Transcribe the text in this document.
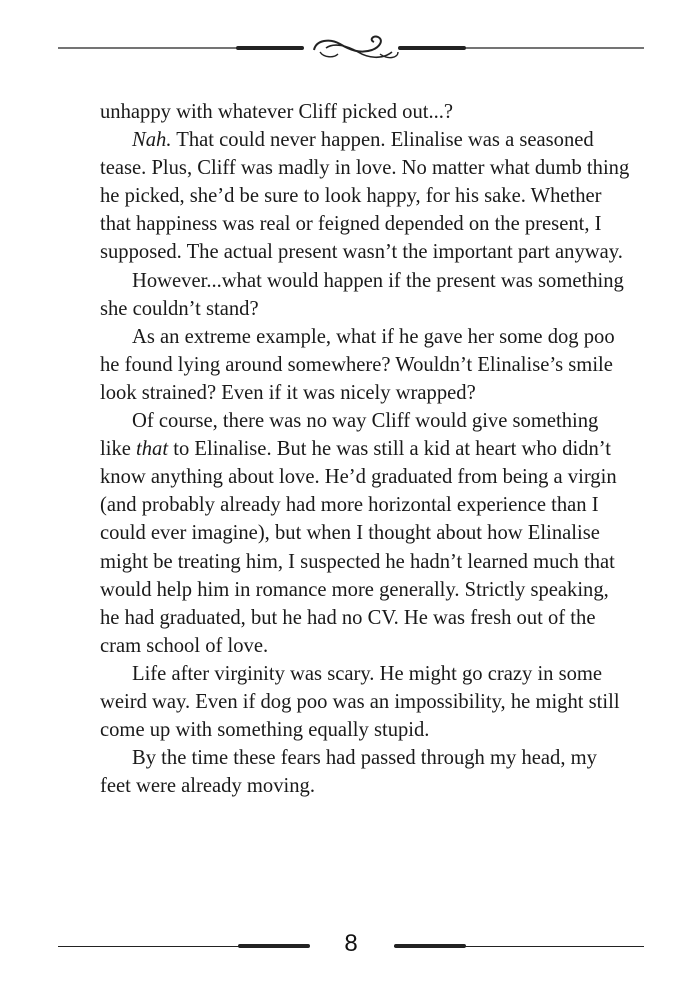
unhappy with whatever Cliff picked out...?

Nah. That could never happen. Elinalise was a seasoned tease. Plus, Cliff was madly in love. No matter what dumb thing he picked, she’d be sure to look happy, for his sake. Whether that happiness was real or feigned depended on the present, I supposed. The actual present wasn’t the important part anyway.

However...what would happen if the present was something she couldn’t stand?

As an extreme example, what if he gave her some dog poo he found lying around somewhere? Wouldn’t Elinalise’s smile look strained? Even if it was nicely wrapped?

Of course, there was no way Cliff would give something like that to Elinalise. But he was still a kid at heart who didn’t know anything about love. He’d graduated from being a virgin (and probably already had more horizontal experience than I could ever imagine), but when I thought about how Elinalise might be treating him, I suspected he hadn’t learned much that would help him in romance more generally. Strictly speaking, he had graduated, but he had no CV. He was fresh out of the cram school of love.

Life after virginity was scary. He might go crazy in some weird way. Even if dog poo was an impossibility, he might still come up with something equally stupid.

By the time these fears had passed through my head, my feet were already moving.

8
